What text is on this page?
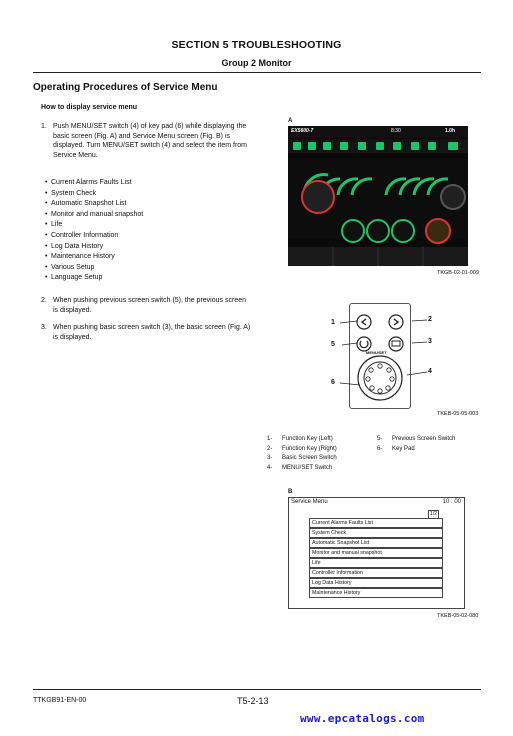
SECTION 5 TROUBLESHOOTING
Group 2 Monitor
Operating Procedures of Service Menu
How to display service menu
1. Push MENU/SET switch (4) of key pad (6) while displaying the basic screen (Fig. A) and Service Menu screen (Fig. B) is displayed. Turn MENU/SET switch (4) and select the item from Service Menu.
• Current Alarms Faults List
• System Check
• Automatic Snapshot List
• Monitor and manual snapshot
• Life
• Controller Information
• Log Data History
• Maintenance History
• Various Setup
• Language Setup
2. When pushing previous screen switch (5), the previous screen is displayed.
3. When pushing basic screen switch (3), the basic screen (Fig. A) is displayed.
A
EX5600-7	8:30	1.0h
TKGB-02-01-009
MENU/SET
1	2
3
4
5
6
TKEB-05-05-003
1- Function Key (Left)
2- Function Key (Right)
3- Basic Screen Switch
4- MENU/SET Switch
5- Previous Screen Switch
6- Key Pad
B
Service Menu	10 : 00
1/2
Current Alarms Faults List
System Check
Automatic Snapshot List
Monitor and manual snapshot
Life
Controller Information
Log Data History
Maintenance History
TKEB-05-02-080
TTKGB91-EN-00	T5-2-13
www.epcatalogs.com
